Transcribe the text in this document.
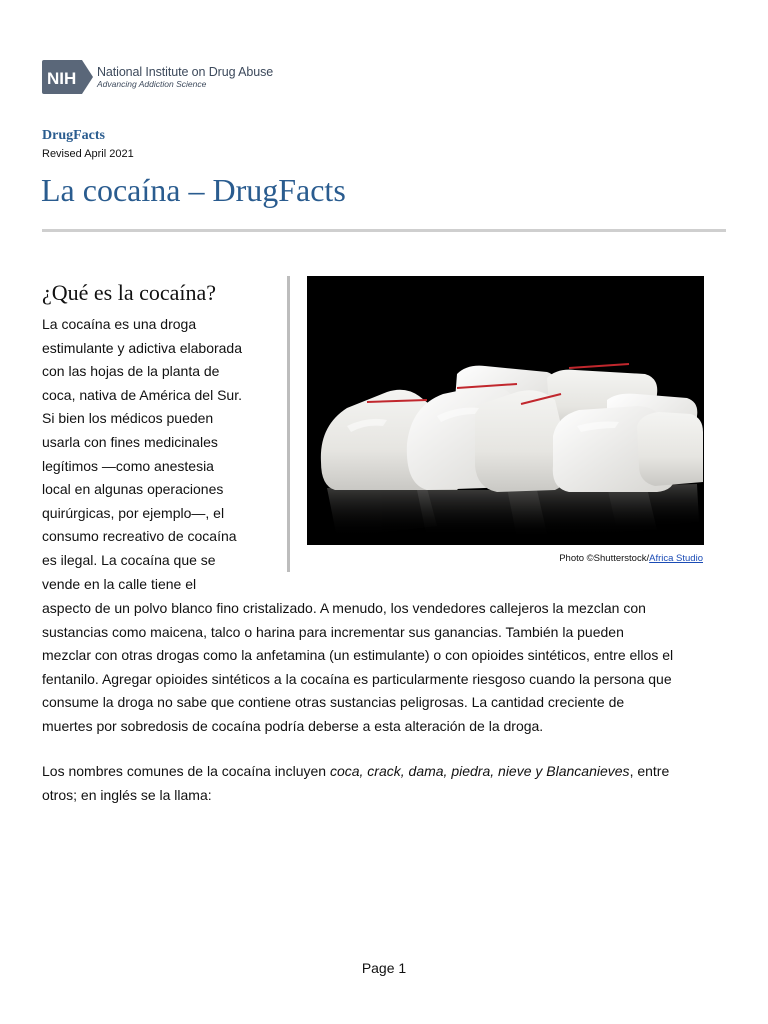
NIH National Institute on Drug Abuse
Advancing Addiction Science
DrugFacts
Revised April 2021
La cocaína – DrugFacts
¿Qué es la cocaína?
La cocaína es una droga
estimulante y adictiva elaborada
con las hojas de la planta de
coca, nativa de América del Sur.
Si bien los médicos pueden
usarla con fines medicinales
legítimos —como anestesia
local en algunas operaciones
quirúrgicas, por ejemplo—, el
consumo recreativo de cocaína
es ilegal. La cocaína que se
vende en la calle tiene el
Photo ©Shutterstock/Africa Studio
aspecto de un polvo blanco fino cristalizado. A menudo, los vendedores callejeros la mezclan con
sustancias como maicena, talco o harina para incrementar sus ganancias. También la pueden
mezclar con otras drogas como la anfetamina (un estimulante) o con opioides sintéticos, entre ellos el
fentanilo. Agregar opioides sintéticos a la cocaína es particularmente riesgoso cuando la persona que
consume la droga no sabe que contiene otras sustancias peligrosas. La cantidad creciente de
muertes por sobredosis de cocaína podría deberse a esta alteración de la droga.
Los nombres comunes de la cocaína incluyen coca, crack, dama, piedra, nieve y Blancanieves, entre
otros; en inglés se la llama:
Page 1
